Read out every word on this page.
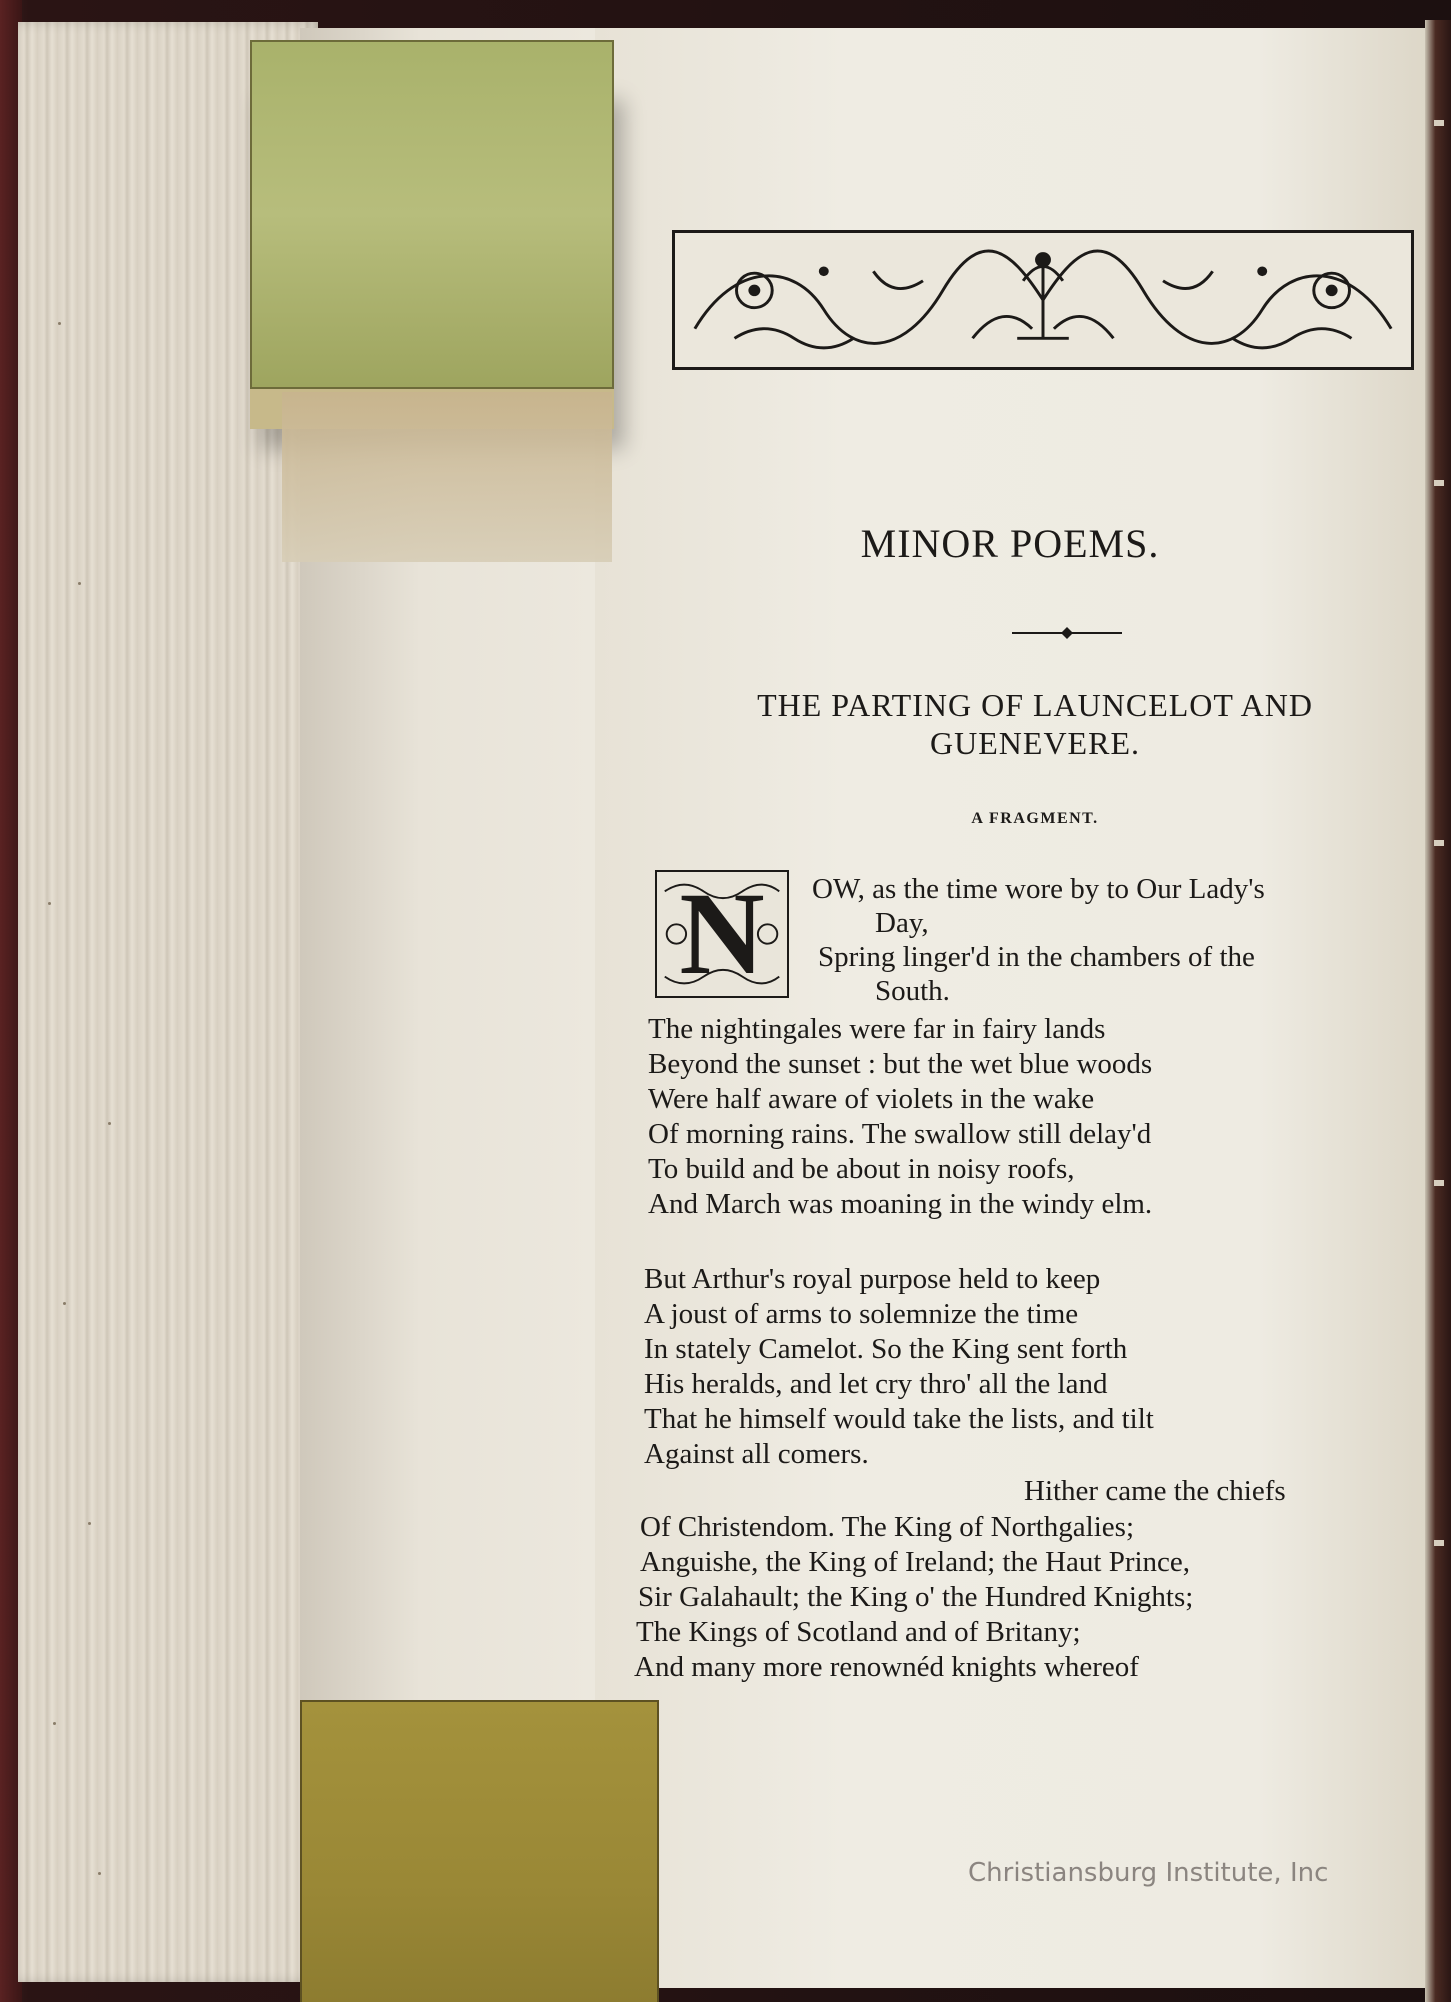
MINOR POEMS.
THE PARTING OF LAUNCELOT AND
GUENEVERE.
A FRAGMENT.
N	OW, as the time wore by to Our Lady's
Day,
Spring linger'd in the chambers of the
South.
The nightingales were far in fairy lands
Beyond the sunset : but the wet blue woods
Were half aware of violets in the wake
Of morning rains. The swallow still delay'd
To build and be about in noisy roofs,
And March was moaning in the windy elm.
But Arthur's royal purpose held to keep
A joust of arms to solemnize the time
In stately Camelot. So the King sent forth
His heralds, and let cry thro' all the land
That he himself would take the lists, and tilt
Against all comers.
Hither came the chiefs
Of Christendom. The King of Northgalies;
Anguishe, the King of Ireland; the Haut Prince,
Sir Galahault; the King o' the Hundred Knights;
The Kings of Scotland and of Britany;
And many more renownéd knights whereof
Christiansburg Institute, Inc
